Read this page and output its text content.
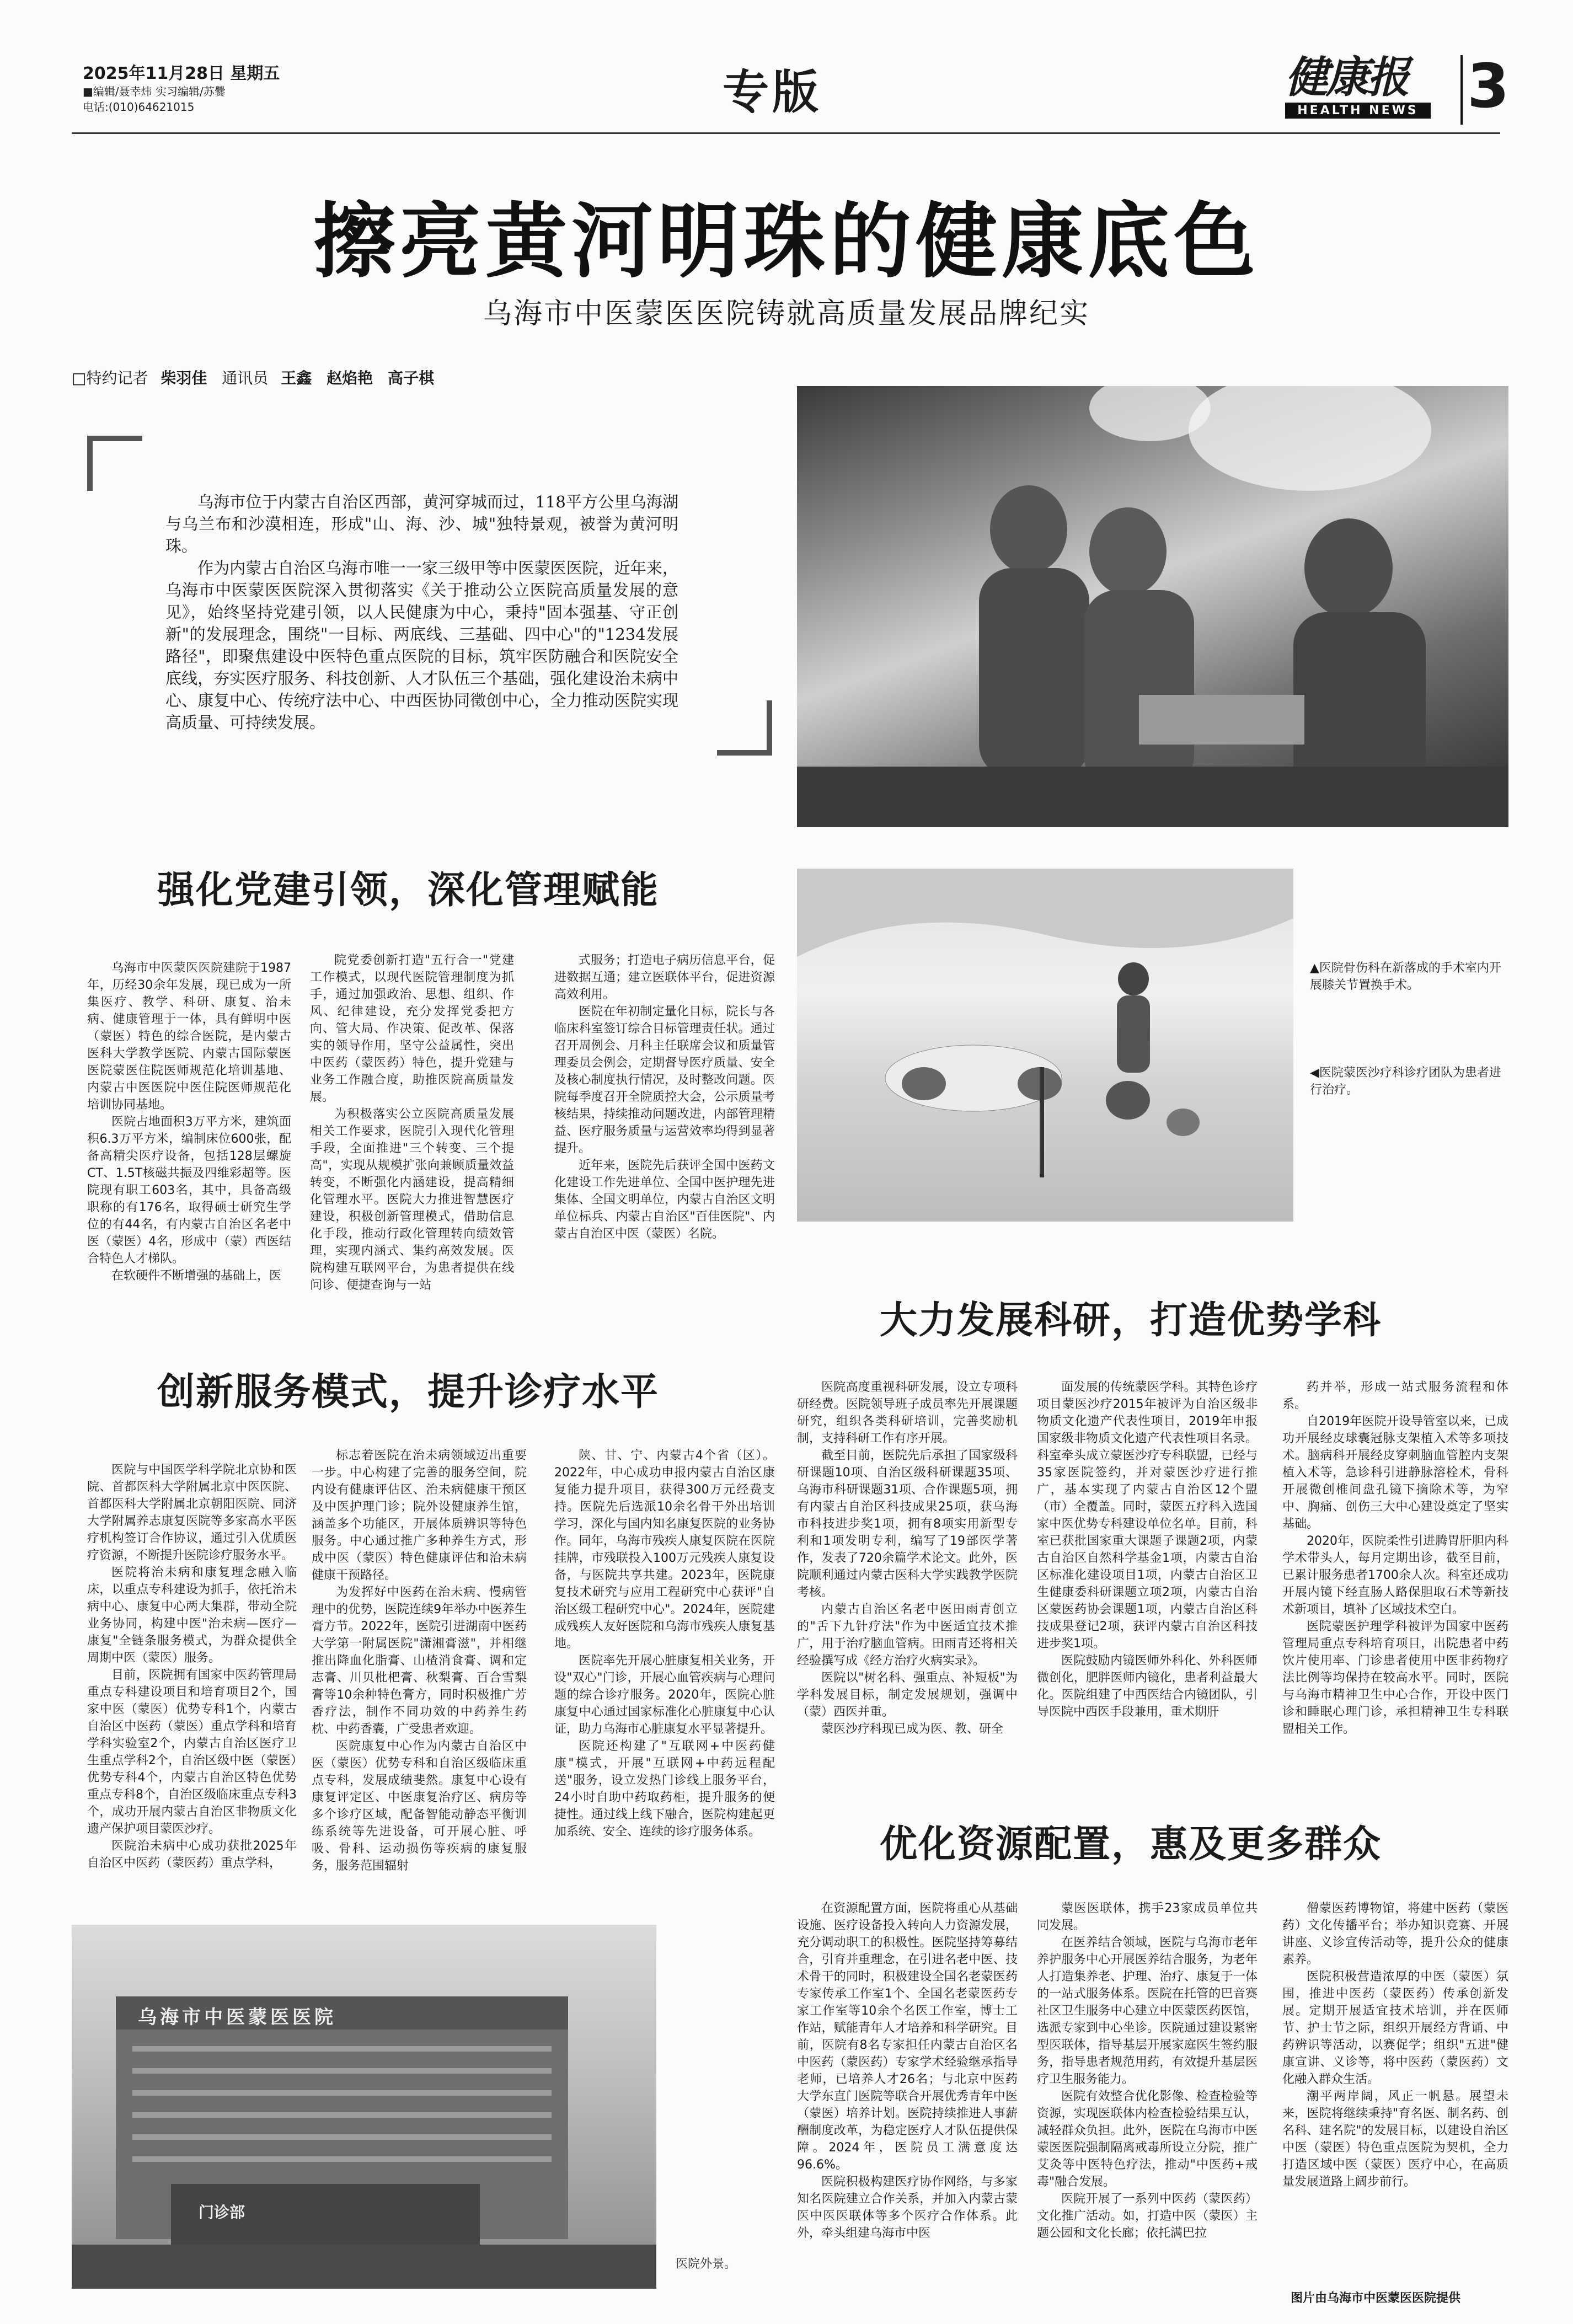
2025年11月28日 星期五
■编辑/聂幸炜 实习编辑/苏爨
电话:(010)64621015	专版	健康报
HEALTH NEWS 3
擦亮黄河明珠的健康底色
乌海市中医蒙医医院铸就高质量发展品牌纪实
□特约记者 柴羽佳 通讯员 王鑫 赵焰艳 高子棋

乌海市位于内蒙古自治区西部，黄河穿城而过，118平方公里乌海湖与乌兰布和沙漠相连，形成"山、海、沙、城"独特景观，被誉为黄河明珠。

作为内蒙古自治区乌海市唯一一家三级甲等中医蒙医医院，近年来，乌海市中医蒙医医院深入贯彻落实《关于推动公立医院高质量发展的意见》，始终坚持党建引领，以人民健康为中心，秉持"固本强基、守正创新"的发展理念，围绕"一目标、两底线、三基础、四中心"的"1234发展路径"，即聚焦建设中医特色重点医院的目标，筑牢医防融合和医院安全底线，夯实医疗服务、科技创新、人才队伍三个基础，强化建设治未病中心、康复中心、传统疗法中心、中西医协同徵创中心，全力推动医院实现高质量、可持续发展。

强化党建引领，深化管理赋能

乌海市中医蒙医医院建院于1987年，历经30余年发展，现已成为一所集医疗、教学、科研、康复、治未病、健康管理于一体，具有鲜明中医（蒙医）特色的综合医院，是内蒙古医科大学教学医院、内蒙古国际蒙医医院蒙医住院医师规范化培训基地、内蒙古中医医院中医住院医师规范化培训协同基地。

医院占地面积3万平方米，建筑面积6.3万平方米，编制床位600张，配备高精尖医疗设备，包括128层螺旋CT、1.5T核磁共振及四维彩超等。医院现有职工603名，其中，具备高级职称的有176名，取得硕士研究生学位的有44名，有内蒙古自治区名老中医（蒙医）4名，形成中（蒙）西医结合特色人才梯队。

在软硬件不断增强的基础上，医

院党委创新打造"五行合一"党建工作模式，以现代医院管理制度为抓手，通过加强政治、思想、组织、作风、纪律建设，充分发挥党委把方向、管大局、作决策、促改革、保落实的领导作用，坚守公益属性，突出中医药（蒙医药）特色，提升党建与业务工作融合度，助推医院高质量发展。

为积极落实公立医院高质量发展相关工作要求，医院引入现代化管理手段，全面推进"三个转变、三个提高"，实现从规模扩张向兼顾质量效益转变，不断强化内涵建设，提高精细化管理水平。医院大力推进智慧医疗建设，积极创新管理模式，借助信息化手段，推动行政化管理转向绩效管理，实现内涵式、集约高效发展。医院构建互联网平台，为患者提供在线问诊、便捷查询与一站

式服务；打造电子病历信息平台，促进数据互通；建立医联体平台，促进资源高效利用。

医院在年初制定量化目标，院长与各临床科室签订综合目标管理责任状。通过召开周例会、月科主任联席会议和质量管理委员会例会，定期督导医疗质量、安全及核心制度执行情况，及时整改问题。医院每季度召开全院质控大会，公示质量考核结果，持续推动问题改进，内部管理精益、医疗服务质量与运营效率均得到显著提升。

近年来，医院先后获评全国中医药文化建设工作先进单位、全国中医护理先进集体、全国文明单位，内蒙古自治区文明单位标兵、内蒙古自治区"百佳医院"、内蒙古自治区中医（蒙医）名院。

▲医院骨伤科在新落成的手术室内开展膝关节置换手术。
◀医院蒙医沙疗科诊疗团队为患者进行治疗。
大力发展科研，打造优势学科
创新服务模式，提升诊疗水平

医院与中国医学科学院北京协和医院、首都医科大学附属北京中医医院、首都医科大学附属北京朝阳医院、同济大学附属养志康复医院等多家高水平医疗机构签订合作协议，通过引入优质医疗资源，不断提升医院诊疗服务水平。

医院将治未病和康复理念融入临床，以重点专科建设为抓手，依托治未病中心、康复中心两大集群，带动全院业务协同，构建中医"治未病—医疗—康复"全链条服务模式，为群众提供全周期中医（蒙医）服务。

目前，医院拥有国家中医药管理局重点专科建设项目和培育项目2个，国家中医（蒙医）优势专科1个，内蒙古自治区中医药（蒙医）重点学科和培育学科实验室2个，内蒙古自治区医疗卫生重点学科2个，自治区级中医（蒙医）优势专科4个，内蒙古自治区特色优势重点专科8个，自治区级临床重点专科3个，成功开展内蒙古自治区非物质文化遗产保护项目蒙医沙疗。

医院治未病中心成功获批2025年自治区中医药（蒙医药）重点学科，

标志着医院在治未病领域迈出重要一步。中心构建了完善的服务空间，院内设有健康评估区、治未病健康干预区及中医护理门诊；院外设健康养生馆，涵盖多个功能区，开展体质辨识等特色服务。中心通过推广多种养生方式，形成中医（蒙医）特色健康评估和治未病健康干预路径。

为发挥好中医药在治未病、慢病管理中的优势，医院连续9年举办中医养生膏方节。2022年，医院引进湖南中医药大学第一附属医院"潇湘膏滋"，并相继推出降血化脂膏、山楂消食膏、调和定志膏、川贝枇杷膏、秋梨膏、百合雪梨膏等10余种特色膏方，同时积极推广芳香疗法，制作不同功效的中药养生药枕、中药香囊，广受患者欢迎。

医院康复中心作为内蒙古自治区中医（蒙医）优势专科和自治区级临床重点专科，发展成绩斐然。康复中心设有康复评定区、中医康复治疗区、病房等多个诊疗区域，配备智能动静态平衡训练系统等先进设备，可开展心脏、呼吸、骨科、运动损伤等疾病的康复服务，服务范围辐射

陕、甘、宁、内蒙古4个省（区）。2022年，中心成功申报内蒙古自治区康复能力提升项目，获得300万元经费支持。医院先后选派10余名骨干外出培训学习，深化与国内知名康复医院的业务协作。同年，乌海市残疾人康复医院在医院挂牌，市残联投入100万元残疾人康复设备，与医院共享共建。2023年，医院康复技术研究与应用工程研究中心获评"自治区级工程研究中心"。2024年，医院建成残疾人友好医院和乌海市残疾人康复基地。

医院率先开展心脏康复相关业务，开设"双心"门诊，开展心血管疾病与心理问题的综合诊疗服务。2020年，医院心脏康复中心通过国家标准化心脏康复中心认证，助力乌海市心脏康复水平显著提升。

医院还构建了"互联网+中医药健康"模式，开展"互联网+中药远程配送"服务，设立发热门诊线上服务平台，24小时自助中药取药柜，提升服务的便捷性。通过线上线下融合，医院构建起更加系统、安全、连续的诊疗服务体系。

医院高度重视科研发展，设立专项科研经费。医院领导班子成员率先开展课题研究，组织各类科研培训，完善奖励机制，支持科研工作有序开展。

截至目前，医院先后承担了国家级科研课题10项、自治区级科研课题35项、乌海市科研课题31项、合作课题5项，拥有内蒙古自治区科技成果25项，获乌海市科技进步奖1项，拥有8项实用新型专利和1项发明专利，编写了19部医学著作，发表了720余篇学术论文。此外，医院顺利通过内蒙古医科大学实践教学医院考核。

内蒙古自治区名老中医田雨青创立的"舌下九针疗法"作为中医适宜技术推广，用于治疗脑血管病。田雨青还将相关经验撰写成《经方治疗火病实录》。

医院以"树名科、强重点、补短板"为学科发展目标，制定发展规划，强调中（蒙）西医并重。

蒙医沙疗科现已成为医、教、研全

面发展的传统蒙医学科。其特色诊疗项目蒙医沙疗2015年被评为自治区级非物质文化遗产代表性项目，2019年申报国家级非物质文化遗产代表性项目名录。科室牵头成立蒙医沙疗专科联盟，已经与35家医院签约，并对蒙医沙疗进行推广，基本实现了内蒙古自治区12个盟（市）全覆盖。同时，蒙医五疗科入选国家中医优势专科建设单位名单。目前，科室已获批国家重大课题子课题2项，内蒙古自治区自然科学基金1项，内蒙古自治区标准化建设项目1项，内蒙古自治区卫生健康委科研课题立项2项，内蒙古自治区蒙医药协会课题1项，内蒙古自治区科技成果登记2项，获评内蒙古自治区科技进步奖1项。

医院鼓励内镜医师外科化、外科医师微创化，肥胖医师内镜化，患者利益最大化。医院组建了中西医结合内镜团队，引导医院中西医手段兼用，重术期肝

药并举，形成一站式服务流程和体系。

自2019年医院开设导管室以来，已成功开展经皮球囊冠脉支架植入术等多项技术。脑病科开展经皮穿刺脑血管腔内支架植入术等，急诊科引进静脉溶栓术，骨科开展微创椎间盘孔镜下摘除术等，为窄中、胸痛、创伤三大中心建设奠定了坚实基础。

2020年，医院柔性引进腾胃肝胆内科学术带头人，每月定期出诊，截至目前，已累计服务患者1700余人次。科室还成功开展内镜下经直肠人路保胆取石术等新技术新项目，填补了区域技术空白。

医院蒙医护理学科被评为国家中医药管理局重点专科培育项目，出院患者中药饮片使用率、门诊患者使用中医非药物疗法比例等均保持在较高水平。同时，医院与乌海市精神卫生中心合作，开设中医门诊和睡眠心理门诊，承担精神卫生专科联盟相关工作。

优化资源配置，惠及更多群众
乌海市中医蒙医医院
门诊部
医院外景。

在资源配置方面，医院将重心从基础设施、医疗设备投入转向人力资源发展，充分调动职工的积极性。医院坚持筹募结合，引育并重理念，在引进名老中医、技术骨干的同时，积极建设全国名老蒙医药专家传承工作室1个、全国名老蒙医药专家工作室等10余个名医工作室，博士工作站，赋能青年人才培养和科学研究。目前，医院有8名专家担任内蒙古自治区名中医药（蒙医药）专家学术经验继承指导老师，已培养人才26名；与北京中医药大学东直门医院等联合开展优秀青年中医（蒙医）培养计划。医院持续推进人事薪酬制度改革，为稳定医疗人才队伍提供保障。2024年，医院员工满意度达96.6%。

医院积极构建医疗协作网络，与多家知名医院建立合作关系，并加入内蒙古蒙医中医医联体等多个医疗合作体系。此外，牵头组建乌海市中医

蒙医医联体，携手23家成员单位共同发展。

在医养结合领域，医院与乌海市老年养护服务中心开展医养结合服务，为老年人打造集养老、护理、治疗、康复于一体的一站式服务体系。医院在托管的巴音赛社区卫生服务中心建立中医蒙医药医馆，选派专家到中心坐诊。医院通过建设紧密型医联体，指导基层开展家庭医生签约服务，指导患者规范用药，有效提升基层医疗卫生服务能力。

医院有效整合优化影像、检查检验等资源，实现医联体内检查检验结果互认，减轻群众负担。此外，医院在乌海市中医蒙医医院强制隔离戒毒所设立分院，推广艾灸等中医特色疗法，推动"中医药+戒毒"融合发展。

医院开展了一系列中医药（蒙医药）文化推广活动。如，打造中医（蒙医）主题公园和文化长廊；依托满巴拉

僧蒙医药博物馆，将建中医药（蒙医药）文化传播平台；举办知识竞赛、开展讲座、义诊宣传活动等，提升公众的健康素养。

医院积极营造浓厚的中医（蒙医）氛围，推进中医药（蒙医药）传承创新发展。定期开展适宜技术培训，并在医师节、护士节之际，组织开展经方背诵、中药辨识等活动，以赛促学；组织"五进"健康宣讲、义诊等，将中医药（蒙医药）文化融入群众生活。

潮平两岸阔，风正一帆悬。展望未来，医院将继续秉持"育名医、制名药、创名科、建名院"的发展目标，以建设自治区中医（蒙医）特色重点医院为契机，全力打造区域中医（蒙医）医疗中心，在高质量发展道路上阔步前行。

图片由乌海市中医蒙医医院提供
